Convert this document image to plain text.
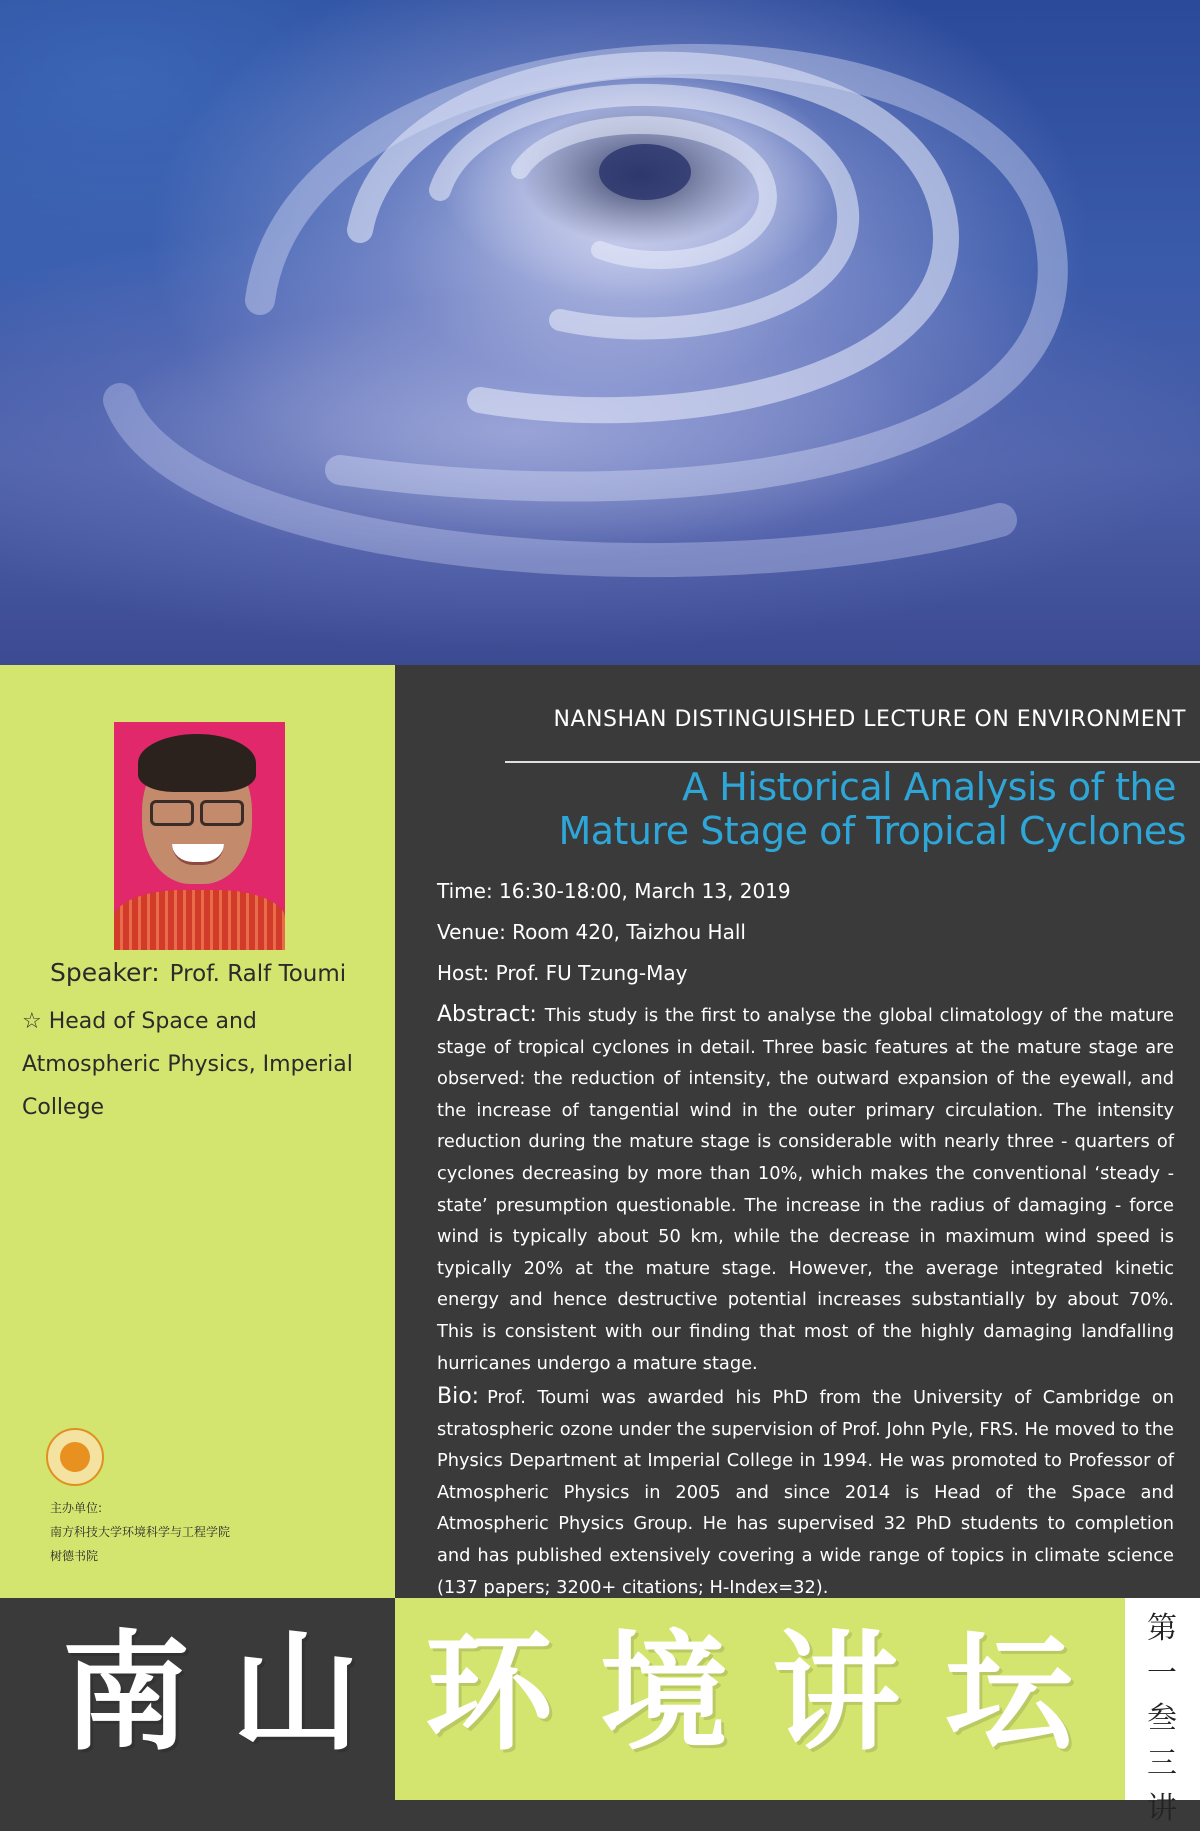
Speaker: Prof. Ralf Toumi
☆ Head of Space and Atmospheric Physics, Imperial College
主办单位:
南方科技大学环境科学与工程学院
树德书院
NANSHAN DISTINGUISHED LECTURE ON ENVIRONMENT
A Historical Analysis of the
Mature Stage of Tropical Cyclones
Time: 16:30-18:00, March 13, 2019
Venue: Room 420, Taizhou Hall
Host: Prof. FU Tzung-May
Abstract: This study is the first to analyse the global climatology of the mature stage of tropical cyclones in detail. Three basic features at the mature stage are observed: the reduction of intensity, the outward expansion of the eyewall, and the increase of tangential wind in the outer primary circulation. The intensity reduction during the mature stage is considerable with nearly three - quarters of cyclones decreasing by more than 10%, which makes the conventional ‘steady - state’ presumption questionable. The increase in the radius of damaging - force wind is typically about 50 km, while the decrease in maximum wind speed is typically 20% at the mature stage. However, the average integrated kinetic energy and hence destructive potential increases substantially by about 70%. This is consistent with our finding that most of the highly damaging landfalling hurricanes undergo a mature stage.
Bio: Prof. Toumi was awarded his PhD from the University of Cambridge on stratospheric ozone under the supervision of Prof. John Pyle, FRS. He moved to the Physics Department at Imperial College in 1994. He was promoted to Professor of Atmospheric Physics in 2005 and since 2014 is Head of the Space and Atmospheric Physics Group. He has supervised 32 PhD students to completion and has published extensively covering a wide range of topics in climate science (137 papers; 3200+ citations; H-Index=32).
南 山 环 境 讲 坛 第
一
叁
三
讲
